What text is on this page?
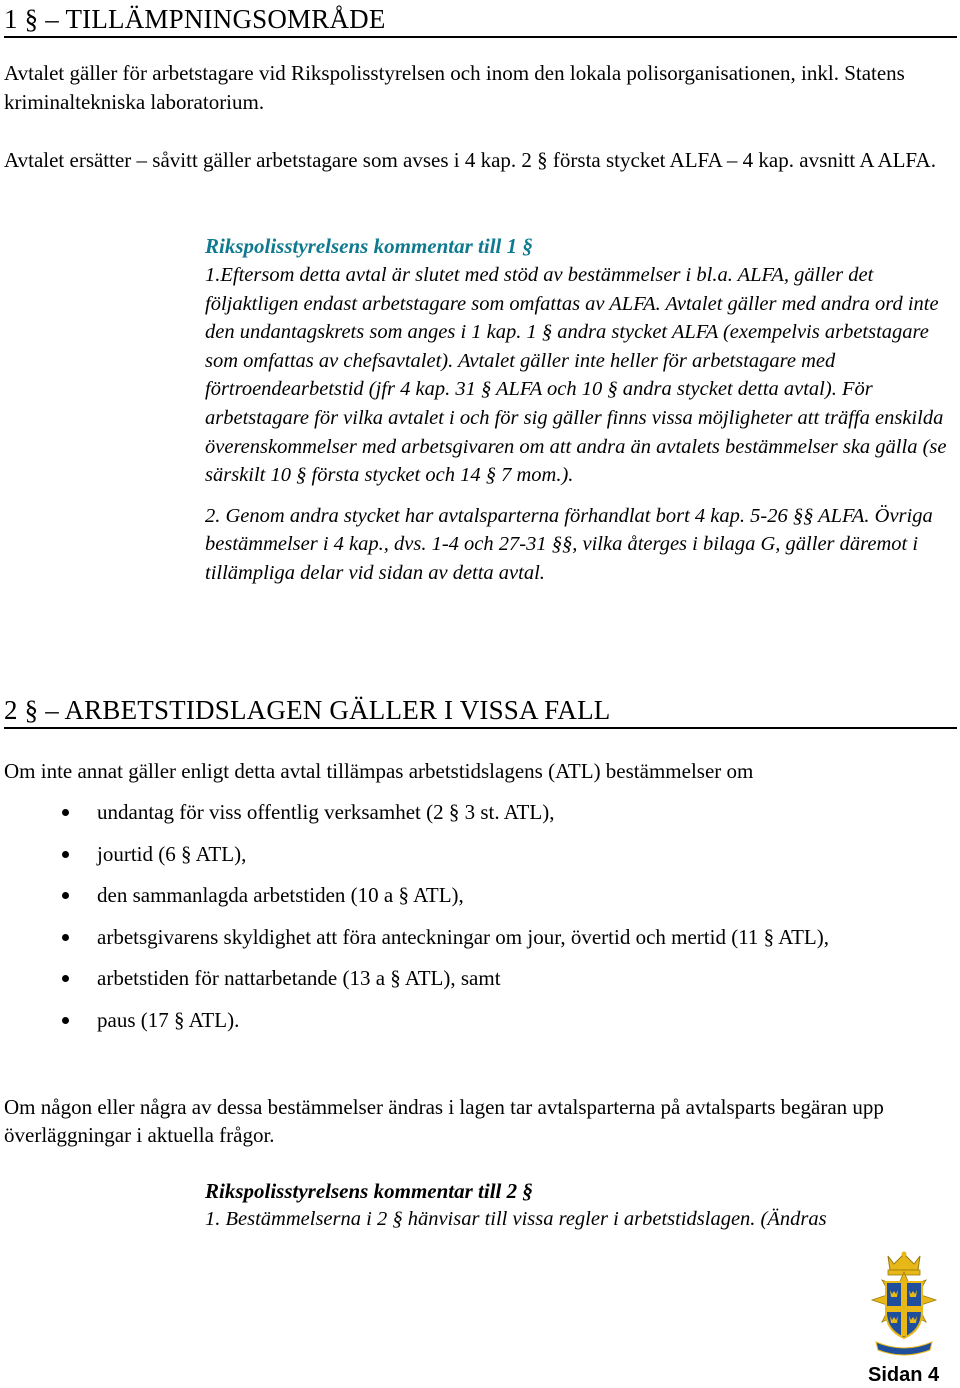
1 § – TILLÄMPNINGSOMRÅDE

Avtalet gäller för arbetstagare vid Rikspolisstyrelsen och inom den lokala polisorganisationen, inkl. Statens kriminaltekniska laboratorium.

Avtalet ersätter – såvitt gäller arbetstagare som avses i 4 kap. 2 § första stycket ALFA – 4 kap. avsnitt A ALFA.

Rikspolisstyrelsens kommentar till 1 §

1.Eftersom detta avtal är slutet med stöd av bestämmelser i bl.a. ALFA, gäller det följaktligen endast arbetstagare som omfattas av ALFA. Avtalet gäller med andra ord inte den undantagskrets som anges i 1 kap. 1 § andra stycket ALFA (exempelvis arbetstagare som omfattas av chefsavtalet). Avtalet gäller inte heller för arbetstagare med förtroendearbetstid (jfr 4 kap. 31 § ALFA och 10 § andra stycket detta avtal). För arbetstagare för vilka avtalet i och för sig gäller finns vissa möjligheter att träffa enskilda överenskommelser med arbetsgivaren om att andra än avtalets bestämmelser ska gälla (se särskilt 10 § första stycket och 14 § 7 mom.).

2. Genom andra stycket har avtalsparterna förhandlat bort 4 kap. 5-26 §§ ALFA. Övriga bestämmelser i 4 kap., dvs. 1-4 och 27-31 §§, vilka återges i bilaga G, gäller däremot i tillämpliga delar vid sidan av detta avtal.

2 § – ARBETSTIDSLAGEN GÄLLER I VISSA FALL

Om inte annat gäller enligt detta avtal tillämpas arbetstidslagens (ATL) bestämmelser om

undantag för viss offentlig verksamhet (2 § 3 st. ATL),
jourtid (6 § ATL),
den sammanlagda arbetstiden (10 a § ATL),
arbetsgivarens skyldighet att föra anteckningar om jour, övertid och mertid (11 § ATL),
arbetstiden för nattarbetande (13 a § ATL), samt
paus (17 § ATL).

Om någon eller några av dessa bestämmelser ändras i lagen tar avtalsparterna på avtalsparts begäran upp överläggningar i aktuella frågor.

Rikspolisstyrelsens kommentar till 2 §

1. Bestämmelserna i 2 § hänvisar till vissa regler i arbetstidslagen. (Ändras

Sidan 4
